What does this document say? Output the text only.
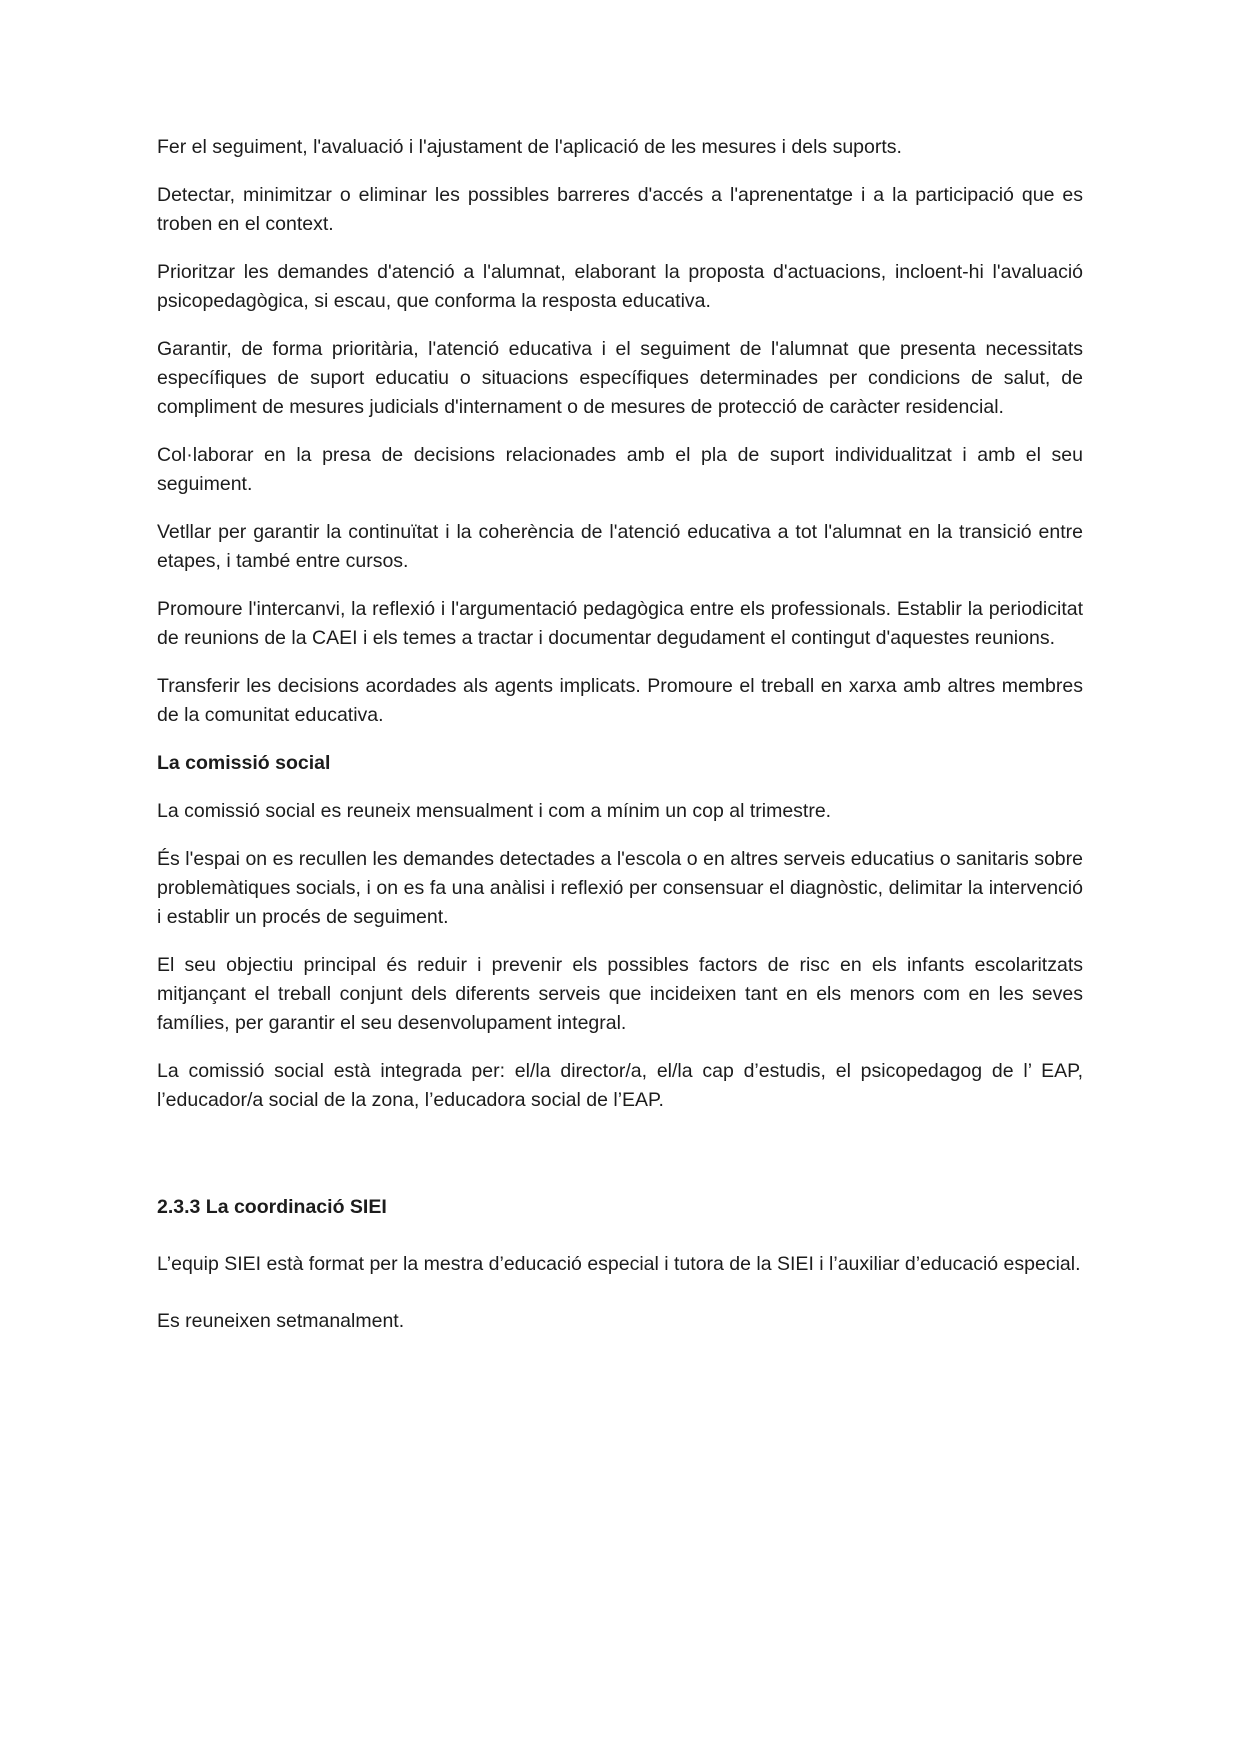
Fer el seguiment, l'avaluació i l'ajustament de l'aplicació de les mesures i dels suports.

Detectar, minimitzar o eliminar les possibles barreres d'accés a l'aprenentatge i a la participació que es troben en el context.

Prioritzar les demandes d'atenció a l'alumnat, elaborant la proposta d'actuacions, incloent-hi l'avaluació psicopedagògica, si escau, que conforma la resposta educativa.

Garantir, de forma prioritària, l'atenció educativa i el seguiment de l'alumnat que presenta necessitats específiques de suport educatiu o situacions específiques determinades per condicions de salut, de compliment de mesures judicials d'internament o de mesures de protecció de caràcter residencial.

Col·laborar en la presa de decisions relacionades amb el pla de suport individualitzat i amb el seu seguiment.

Vetllar per garantir la continuïtat i la coherència de l'atenció educativa a tot l'alumnat en la transició entre etapes, i també entre cursos.

Promoure l'intercanvi, la reflexió i l'argumentació pedagògica entre els professionals. Establir la periodicitat de reunions de la CAEI i els temes a tractar i documentar degudament el contingut d'aquestes reunions.

Transferir les decisions acordades als agents implicats. Promoure el treball en xarxa amb altres membres de la comunitat educativa.

La comissió social

La comissió social es reuneix mensualment i com a mínim un cop al trimestre.

És l'espai on es recullen les demandes detectades a l'escola o en altres serveis educatius o sanitaris sobre problemàtiques socials, i on es fa una anàlisi i reflexió per consensuar el diagnòstic, delimitar la intervenció i establir un procés de seguiment.

El seu objectiu principal és reduir i prevenir els possibles factors de risc en els infants escolaritzats mitjançant el treball conjunt dels diferents serveis que incideixen tant en els menors com en les seves famílies, per garantir el seu desenvolupament integral.

La comissió social està integrada per: el/la director/a, el/la cap d’estudis, el psicopedagog de l’ EAP, l’educador/a social de la zona, l’educadora social de l’EAP.

2.3.3 La coordinació SIEI

L’equip SIEI està format per la mestra d’educació especial i tutora de la SIEI i l’auxiliar d’educació especial.

Es reuneixen setmanalment.
